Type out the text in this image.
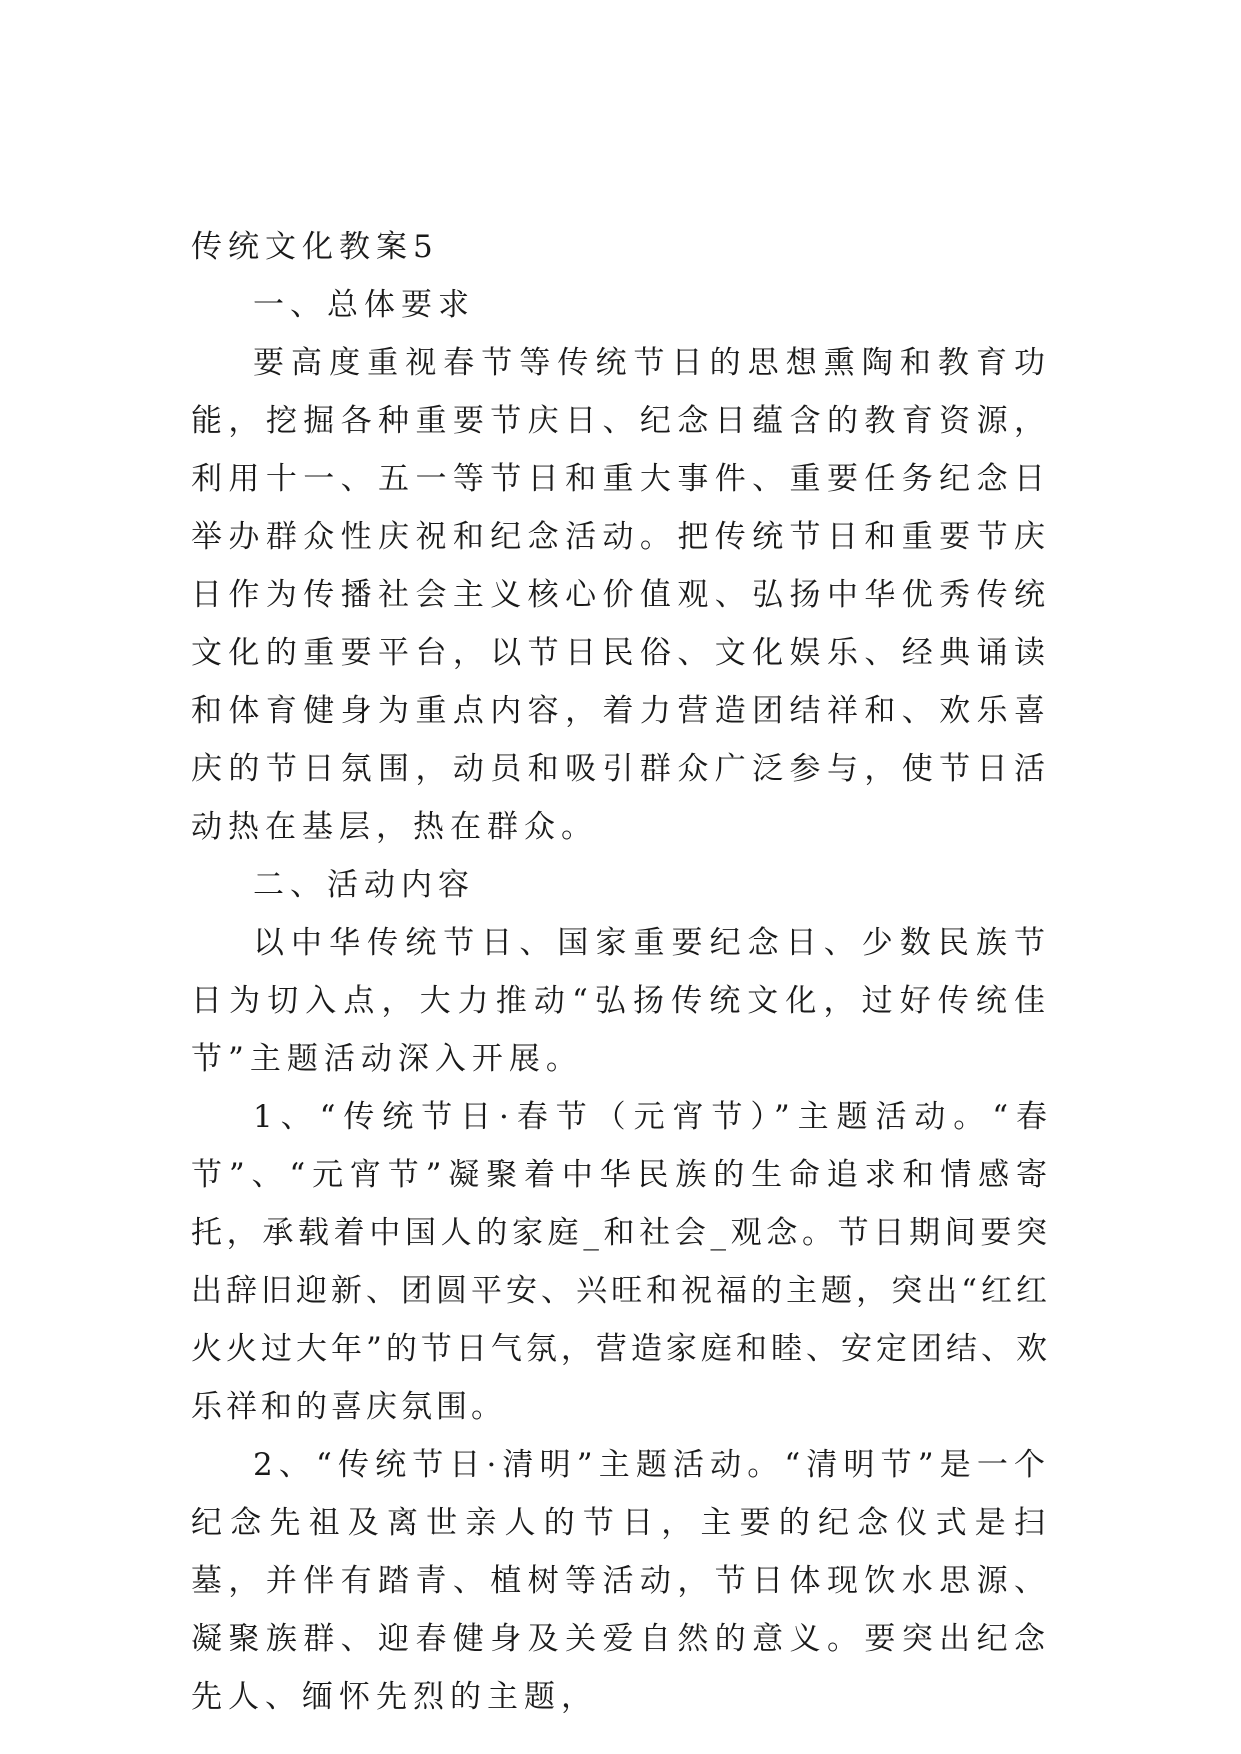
传统文化教案5

一、总体要求

要高度重视春节等传统节日的思想熏陶和教育功能，挖掘各种重要节庆日、纪念日蕴含的教育资源，利用十一、五一等节日和重大事件、重要任务纪念日举办群众性庆祝和纪念活动。把传统节日和重要节庆日作为传播社会主义核心价值观、弘扬中华优秀传统文化的重要平台，以节日民俗、文化娱乐、经典诵读和体育健身为重点内容，着力营造团结祥和、欢乐喜庆的节日氛围，动员和吸引群众广泛参与，使节日活动热在基层，热在群众。

二、活动内容

以中华传统节日、国家重要纪念日、少数民族节日为切入点，大力推动“弘扬传统文化，过好传统佳节”主题活动深入开展。

1、“传统节日·春节（元宵节）”主题活动。“春节”、“元宵节”凝聚着中华民族的生命追求和情感寄托，承载着中国人的家庭_和社会_观念。节日期间要突出辞旧迎新、团圆平安、兴旺和祝福的主题，突出“红红火火过大年”的节日气氛，营造家庭和睦、安定团结、欢乐祥和的喜庆氛围。

2、“传统节日·清明”主题活动。“清明节”是一个纪念先祖及离世亲人的节日，主要的纪念仪式是扫墓，并伴有踏青、植树等活动，节日体现饮水思源、凝聚族群、迎春健身及关爱自然的意义。要突出纪念先人、缅怀先烈的主题，
